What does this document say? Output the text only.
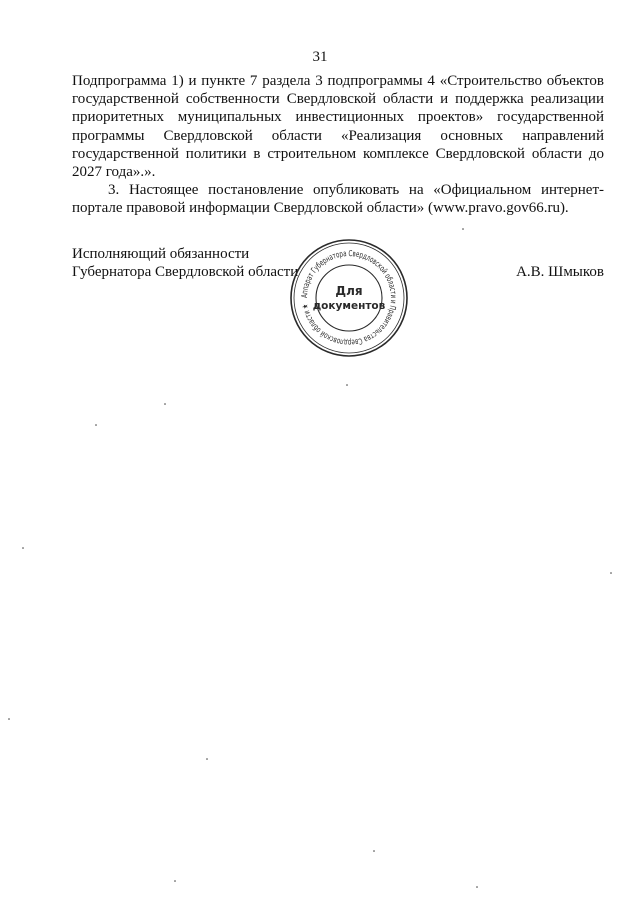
31

Подпрограмма 1) и пункте 7 раздела 3 подпрограммы 4 «Строительство объектов государственной собственности Свердловской области и поддержка реализации приоритетных муниципальных инвестиционных проектов» государственной программы Свердловской области «Реализация основных направлений государственной политики в строительном комплексе Свердловской области до 2027 года».».

3. Настоящее постановление опубликовать на «Официальном интернет-портале правовой информации Свердловской области» (www.pravo.gov66.ru).

Исполняющий обязанности
Губернатора Свердловской области	А.В. Шмыков
Аппарат Губернатора Свердловской области и Правительства Свердловской области ★
Для
документов
